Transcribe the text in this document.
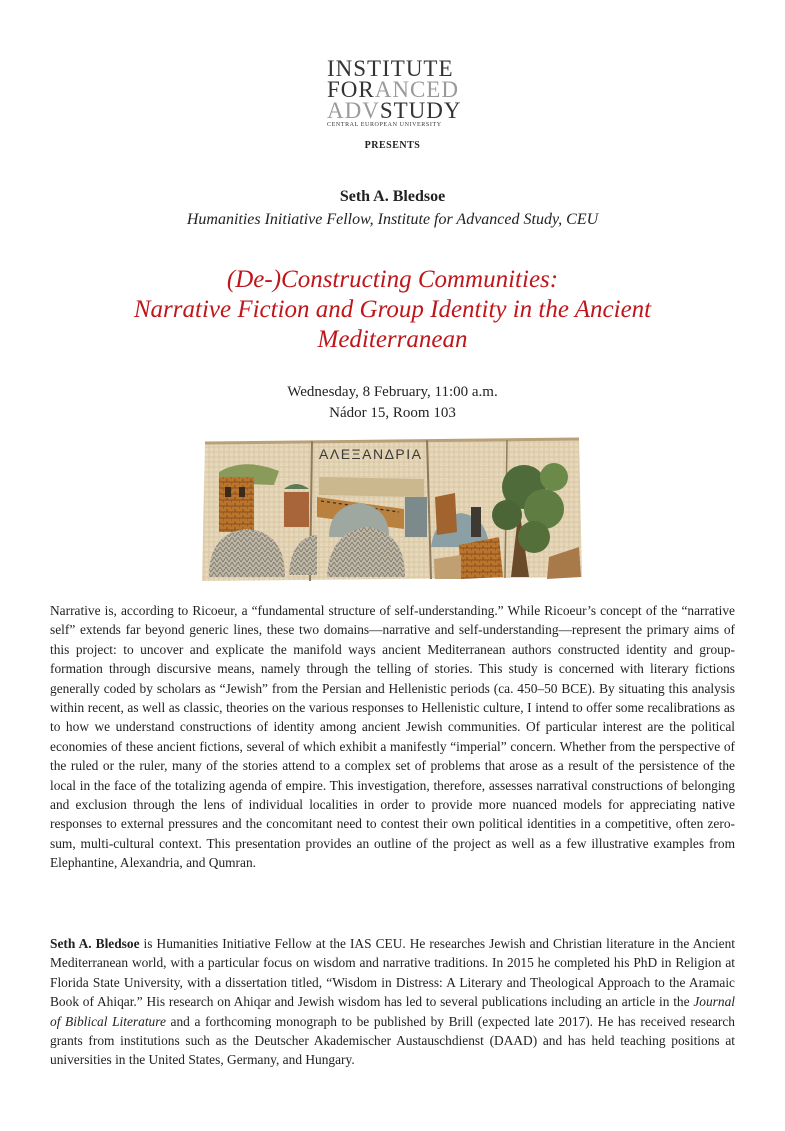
INSTITUTE
FORANCED
ADVSTUDY
CENTRAL EUROPEAN UNIVERSITY
PRESENTS
Seth A. Bledsoe
Humanities Initiative Fellow, Institute for Advanced Study, CEU
(De-)Constructing Communities:
Narrative Fiction and Group Identity in the Ancient
Mediterranean
Wednesday, 8 February, 11:00 a.m.
Nádor 15, Room 103
ΑΛΕΞΑΝΔΡΙΑ

Narrative is, according to Ricoeur, a “fundamental structure of self-understanding.” While Ricoeur’s concept of the “narrative self” extends far beyond generic lines, these two domains—narrative and self-understanding—represent the primary aims of this project: to uncover and explicate the manifold ways ancient Mediterranean authors constructed identity and group-formation through discursive means, namely through the telling of stories. This study is concerned with literary fictions generally coded by scholars as “Jewish” from the Persian and Hellenistic periods (ca. 450–50 BCE). By situating this analysis within recent, as well as classic, theories on the various responses to Hellenistic culture, I intend to offer some recalibrations as to how we understand constructions of identity among ancient Jewish communities. Of particular interest are the political economies of these ancient fictions, several of which exhibit a manifestly “imperial” concern. Whether from the perspective of the ruled or the ruler, many of the stories attend to a complex set of problems that arose as a result of the persistence of the local in the face of the totalizing agenda of empire. This investigation, therefore, assesses narratival constructions of belonging and exclusion through the lens of individual localities in order to provide more nuanced models for appreciating native responses to external pressures and the concomitant need to contest their own political identities in a competitive, often zero-sum, multi-cultural context. This presentation provides an outline of the project as well as a few illustrative examples from Elephantine, Alexandria, and Qumran.

Seth A. Bledsoe is Humanities Initiative Fellow at the IAS CEU. He researches Jewish and Christian literature in the Ancient Mediterranean world, with a particular focus on wisdom and narrative traditions. In 2015 he completed his PhD in Religion at Florida State University, with a dissertation titled, “Wisdom in Distress: A Literary and Theological Approach to the Aramaic Book of Ahiqar.” His research on Ahiqar and Jewish wisdom has led to several publications including an article in the Journal of Biblical Literature and a forthcoming monograph to be published by Brill (expected late 2017). He has received research grants from institutions such as the Deutscher Akademischer Austauschdienst (DAAD) and has held teaching positions at universities in the United States, Germany, and Hungary.
